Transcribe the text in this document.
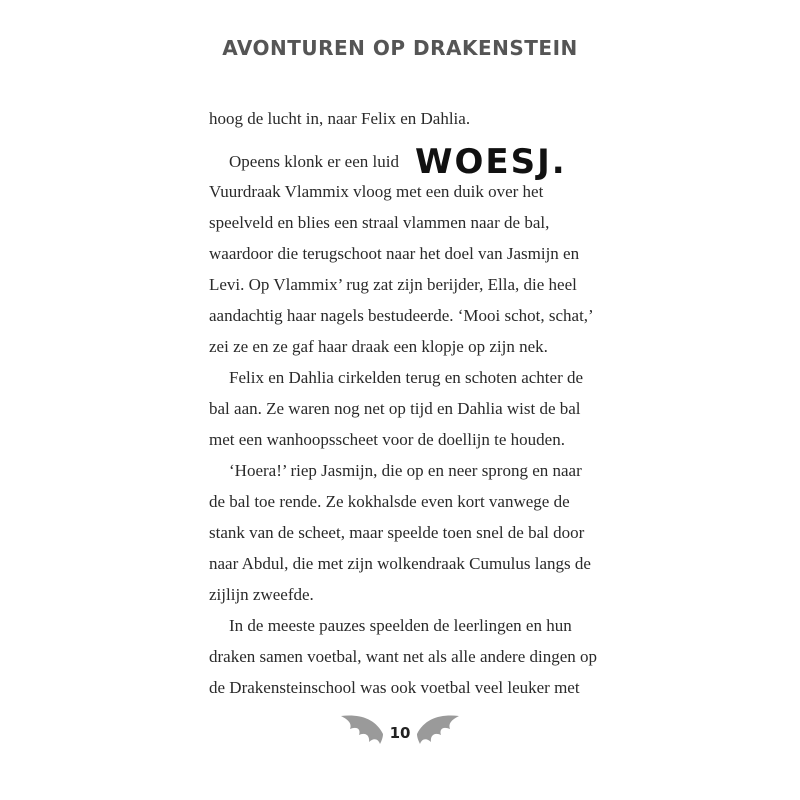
AVONTUREN OP DRAKENSTEIN
hoog de lucht in, naar Felix en Dahlia.
Opeens klonk er een luid WOESJ.
Vuurdraak Vlammix vloog met een duik over het
speelveld en blies een straal vlammen naar de bal,
waardoor die terugschoot naar het doel van Jasmijn en
Levi. Op Vlammix’ rug zat zijn berijder, Ella, die heel
aandachtig haar nagels bestudeerde. ‘Mooi schot, schat,’
zei ze en ze gaf haar draak een klopje op zijn nek.
Felix en Dahlia cirkelden terug en schoten achter de
bal aan. Ze waren nog net op tijd en Dahlia wist de bal
met een wanhoopsscheet voor de doellijn te houden.
‘Hoera!’ riep Jasmijn, die op en neer sprong en naar
de bal toe rende. Ze kokhalsde even kort vanwege de
stank van de scheet, maar speelde toen snel de bal door
naar Abdul, die met zijn wolkendraak Cumulus langs de
zijlijn zweefde.
In de meeste pauzes speelden de leerlingen en hun
draken samen voetbal, want net als alle andere dingen op
de Drakensteinschool was ook voetbal veel leuker met
10
